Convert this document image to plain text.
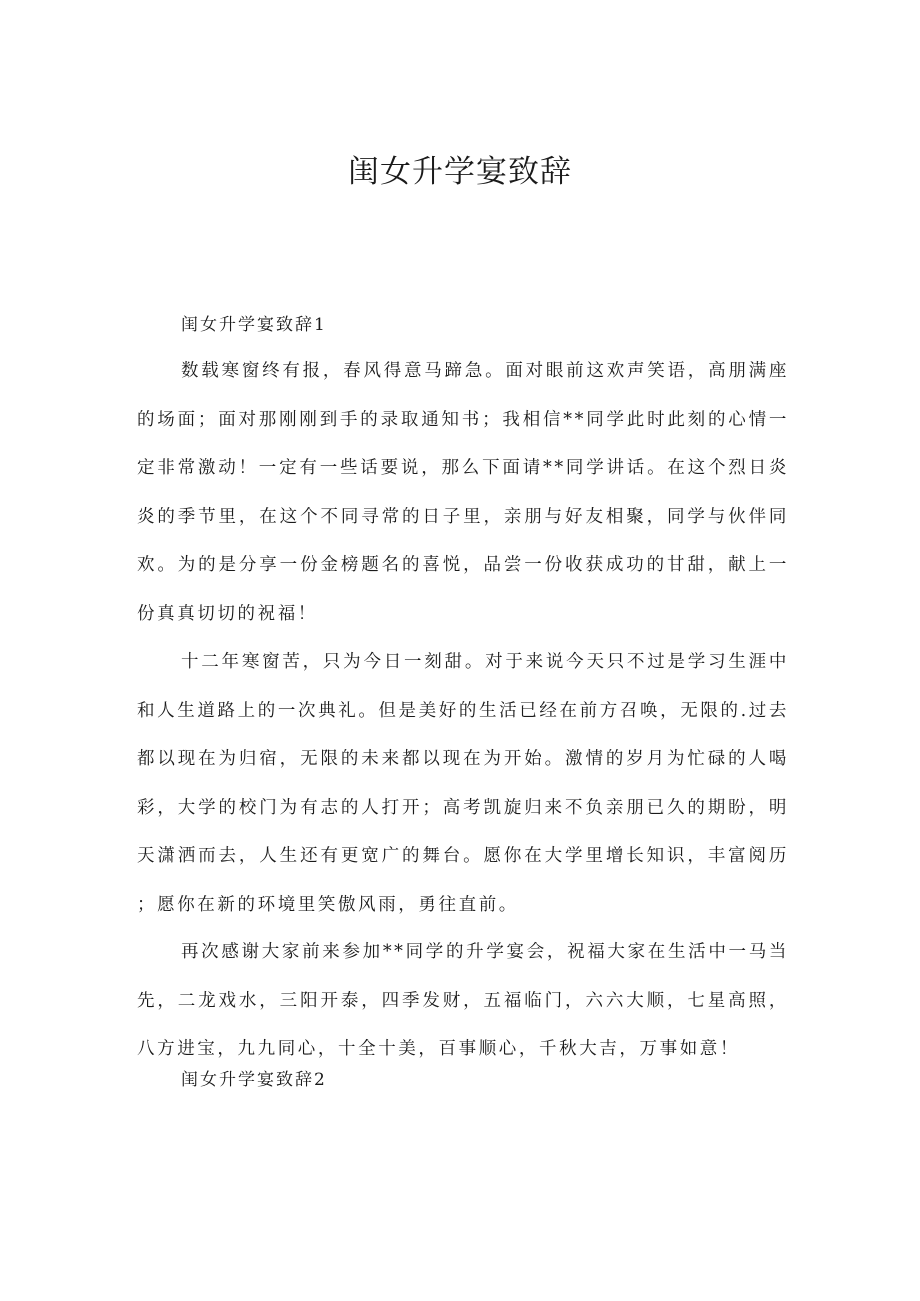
闺女升学宴致辞
闺女升学宴致辞1

数载寒窗终有报，春风得意马蹄急。面对眼前这欢声笑语，高朋满座的场面；面对那刚刚到手的录取通知书；我相信**同学此时此刻的心情一定非常激动！一定有一些话要说，那么下面请**同学讲话。在这个烈日炎炎的季节里，在这个不同寻常的日子里，亲朋与好友相聚，同学与伙伴同欢。为的是分享一份金榜题名的喜悦，品尝一份收获成功的甘甜，献上一份真真切切的祝福！

十二年寒窗苦，只为今日一刻甜。对于来说今天只不过是学习生涯中和人生道路上的一次典礼。但是美好的生活已经在前方召唤，无限的.过去都以现在为归宿，无限的未来都以现在为开始。激情的岁月为忙碌的人喝彩，大学的校门为有志的人打开；高考凯旋归来不负亲朋已久的期盼，明天潇洒而去，人生还有更宽广的舞台。愿你在大学里增长知识，丰富阅历；愿你在新的环境里笑傲风雨，勇往直前。

再次感谢大家前来参加**同学的升学宴会，祝福大家在生活中一马当先，二龙戏水，三阳开泰，四季发财，五福临门，六六大顺，七星高照，八方进宝，九九同心，十全十美，百事顺心，千秋大吉，万事如意！

闺女升学宴致辞2
